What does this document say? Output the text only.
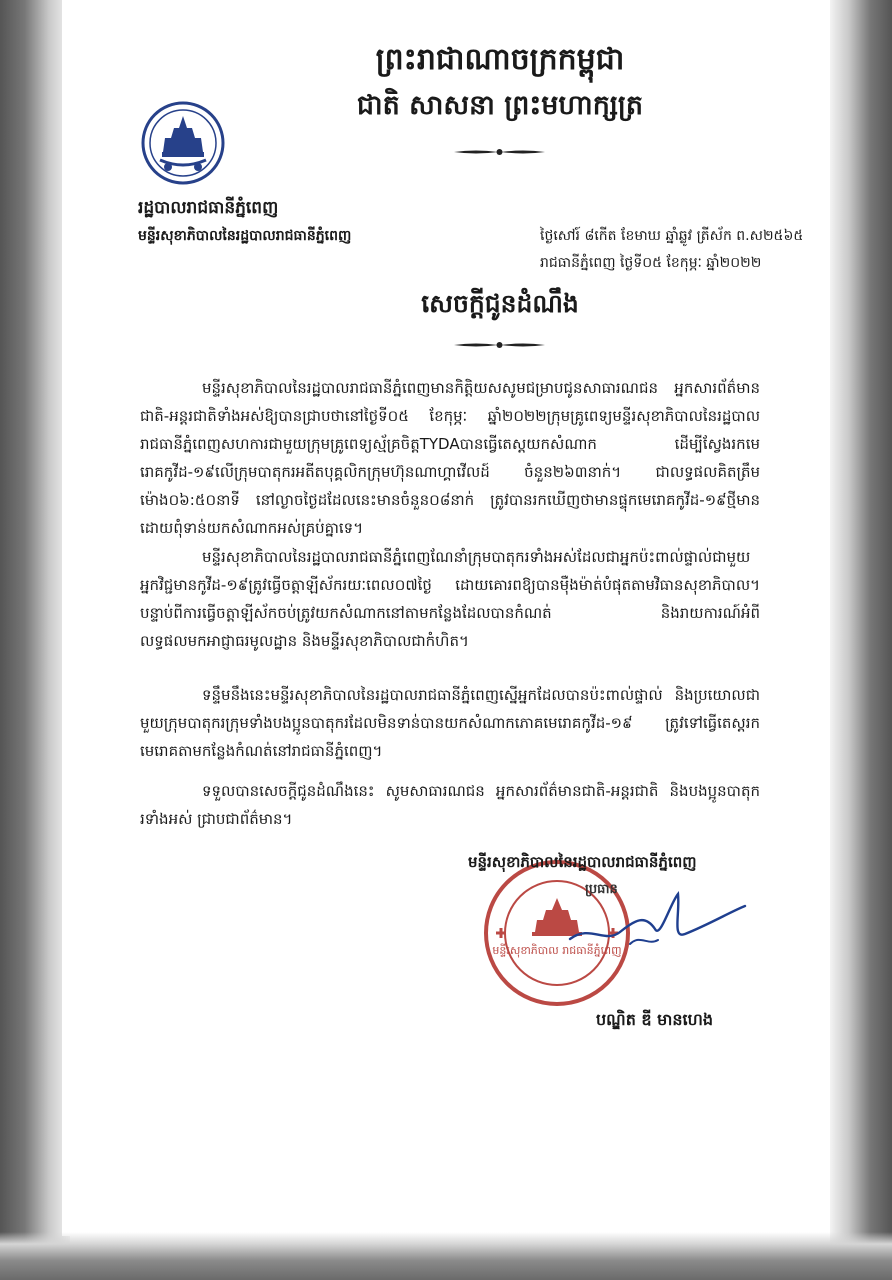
ព្រះរាជាណាចក្រកម្ពុជា
ជាតិ សាសនា ព្រះមហាក្សត្រ
រដ្ឋបាលរាជធានីភ្នំពេញ
មន្ទីរសុខាភិបាលនៃរដ្ឋបាលរាជធានីភ្នំពេញ	ថ្ងៃសៅរ៍ ៨កើត ខែមាឃ ឆ្នាំឆ្លូវ ត្រីស័ក ព.ស២៥៦៥
រាជធានីភ្នំពេញ ថ្ងៃទី០៥ ខែកុម្ភៈ ឆ្នាំ២០២២
សេចក្តីជូនដំណឹង
មន្ទីរសុខាភិបាលនៃរដ្ឋបាលរាជធានីភ្នំពេញមានកិត្តិយសសូមជម្រាបជូនសាធារណជន អ្នកសារព័ត៌មានជាតិ-អន្តរជាតិទាំងអស់ឱ្យបានជ្រាបថានៅថ្ងៃទី០៥ ខែកុម្ភៈ ឆ្នាំ២០២២ក្រុមគ្រូពេទ្យមន្ទីរសុខាភិបាលនៃរដ្ឋបាលរាជធានីភ្នំពេញសហការជាមួយក្រុមគ្រូពេទ្យស្ម័គ្រចិត្តTYDAបានធ្វើតេស្តយកសំណាក ដើម្បីស្វែងរកមេរោគកូវីដ-១៩លើក្រុមបាតុករអតីតបុគ្គលិកក្រុមហ៊ុនណាហ្គាវើលដ៍ ចំនួន២៦៣នាក់។ ជាលទ្ធផលគិតត្រឹមម៉ោង០៦:៥០នាទី នៅល្ងាចថ្ងៃដដែលនេះមានចំនួន០៨នាក់ ត្រូវបានរកឃើញថាមានផ្ទុកមេរោគកូវីដ-១៩ថ្មីមាន ដោយពុំទាន់យកសំណាកអស់គ្រប់គ្នាទេ។
មន្ទីរសុខាភិបាលនៃរដ្ឋបាលរាជធានីភ្នំពេញណែនាំក្រុមបាតុករទាំងអស់ដែលជាអ្នកប៉ះពាល់ផ្ទាល់ជាមួយអ្នកវិជ្ជមានកូវីដ-១៩ត្រូវធ្វើចត្តាឡីស័ករយៈពេល០៧ថ្ងៃ ដោយគោរពឱ្យបានម៉ឺងម៉ាត់បំផុតតាមវិធានសុខាភិបាល។ បន្ទាប់ពីការធ្វើចត្តាឡីស័កចប់ត្រូវយកសំណាកនៅតាមកន្លែងដែលបានកំណត់ និងរាយការណ៍អំពីលទ្ធផលមកអាជ្ញាធរមូលដ្ឋាន និងមន្ទីរសុខាភិបាលជាកំហិត។
ទន្ទឹមនឹងនេះមន្ទីរសុខាភិបាលនៃរដ្ឋបាលរាជធានីភ្នំពេញស្នើអ្នកដែលបានប៉ះពាល់ផ្ទាល់ និងប្រយោលជាមួយក្រុមបាតុករក្រុមទាំងបងប្អូនបាតុករដែលមិនទាន់បានយកសំណាកភោគមេរោគកូវីដ-១៩ ត្រូវទៅធ្វើតេស្តរកមេរោគតាមកន្លែងកំណត់នៅរាជធានីភ្នំពេញ។
ទទួលបានសេចក្តីជូនដំណឹងនេះ សូមសាធារណជន អ្នកសារព័ត៌មានជាតិ-អន្តរជាតិ និងបងប្អូនបាតុករទាំងអស់ ជ្រាបជាព័ត៌មាន។
មន្ទីរសុខាភិបាល រាជធានីភ្នំពេញ
មន្ទីរសុខាភិបាលនៃរដ្ឋបាលរាជធានីភ្នំពេញ
ប្រធាន
បណ្ឌិត ឌី មានហេង
